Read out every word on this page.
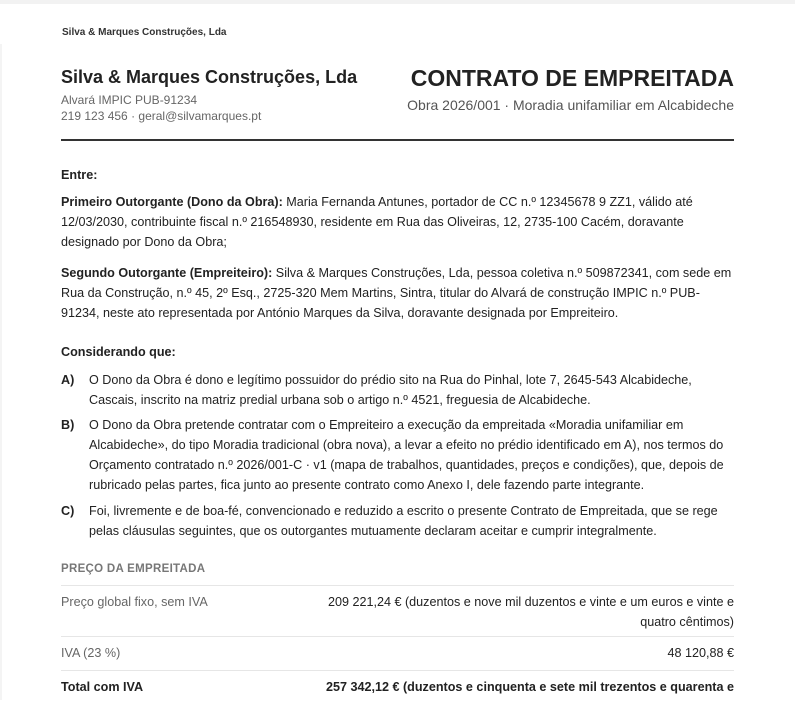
Silva & Marques Construções, Lda
Silva & Marques Construções, Lda
Alvará IMPIC PUB-91234
219 123 456 · geral@silvamarques.pt
CONTRATO DE EMPREITADA
Obra 2026/001 · Moradia unifamiliar em Alcabideche
Entre:

Primeiro Outorgante (Dono da Obra): Maria Fernanda Antunes, portador de CC n.º 12345678 9 ZZ1, válido até 12/03/2030, contribuinte fiscal n.º 216548930, residente em Rua das Oliveiras, 12, 2735-100 Cacém, doravante designado por Dono da Obra;

Segundo Outorgante (Empreiteiro): Silva & Marques Construções, Lda, pessoa coletiva n.º 509872341, com sede em Rua da Construção, n.º 45, 2º Esq., 2725-320 Mem Martins, Sintra, titular do Alvará de construção IMPIC n.º PUB-91234, neste ato representada por António Marques da Silva, doravante designada por Empreiteiro.

Considerando que:
A)	O Dono da Obra é dono e legítimo possuidor do prédio sito na Rua do Pinhal, lote 7, 2645-543 Alcabideche, Cascais, inscrito na matriz predial urbana sob o artigo n.º 4521, freguesia de Alcabideche.
B)	O Dono da Obra pretende contratar com o Empreiteiro a execução da empreitada «Moradia unifamiliar em Alcabideche», do tipo Moradia tradicional (obra nova), a levar a efeito no prédio identificado em A), nos termos do Orçamento contratado n.º 2026/001-C · v1 (mapa de trabalhos, quantidades, preços e condições), que, depois de rubricado pelas partes, fica junto ao presente contrato como Anexo I, dele fazendo parte integrante.
C)	Foi, livremente e de boa-fé, convencionado e reduzido a escrito o presente Contrato de Empreitada, que se rege pelas cláusulas seguintes, que os outorgantes mutuamente declaram aceitar e cumprir integralmente.
PREÇO DA EMPREITADA
Preço global fixo, sem IVA	209 221,24 € (duzentos e nove mil duzentos e vinte e um euros e vinte e quatro cêntimos)
IVA (23 %)	48 120,88 €
Total com IVA	257 342,12 € (duzentos e cinquenta e sete mil trezentos e quarenta e
